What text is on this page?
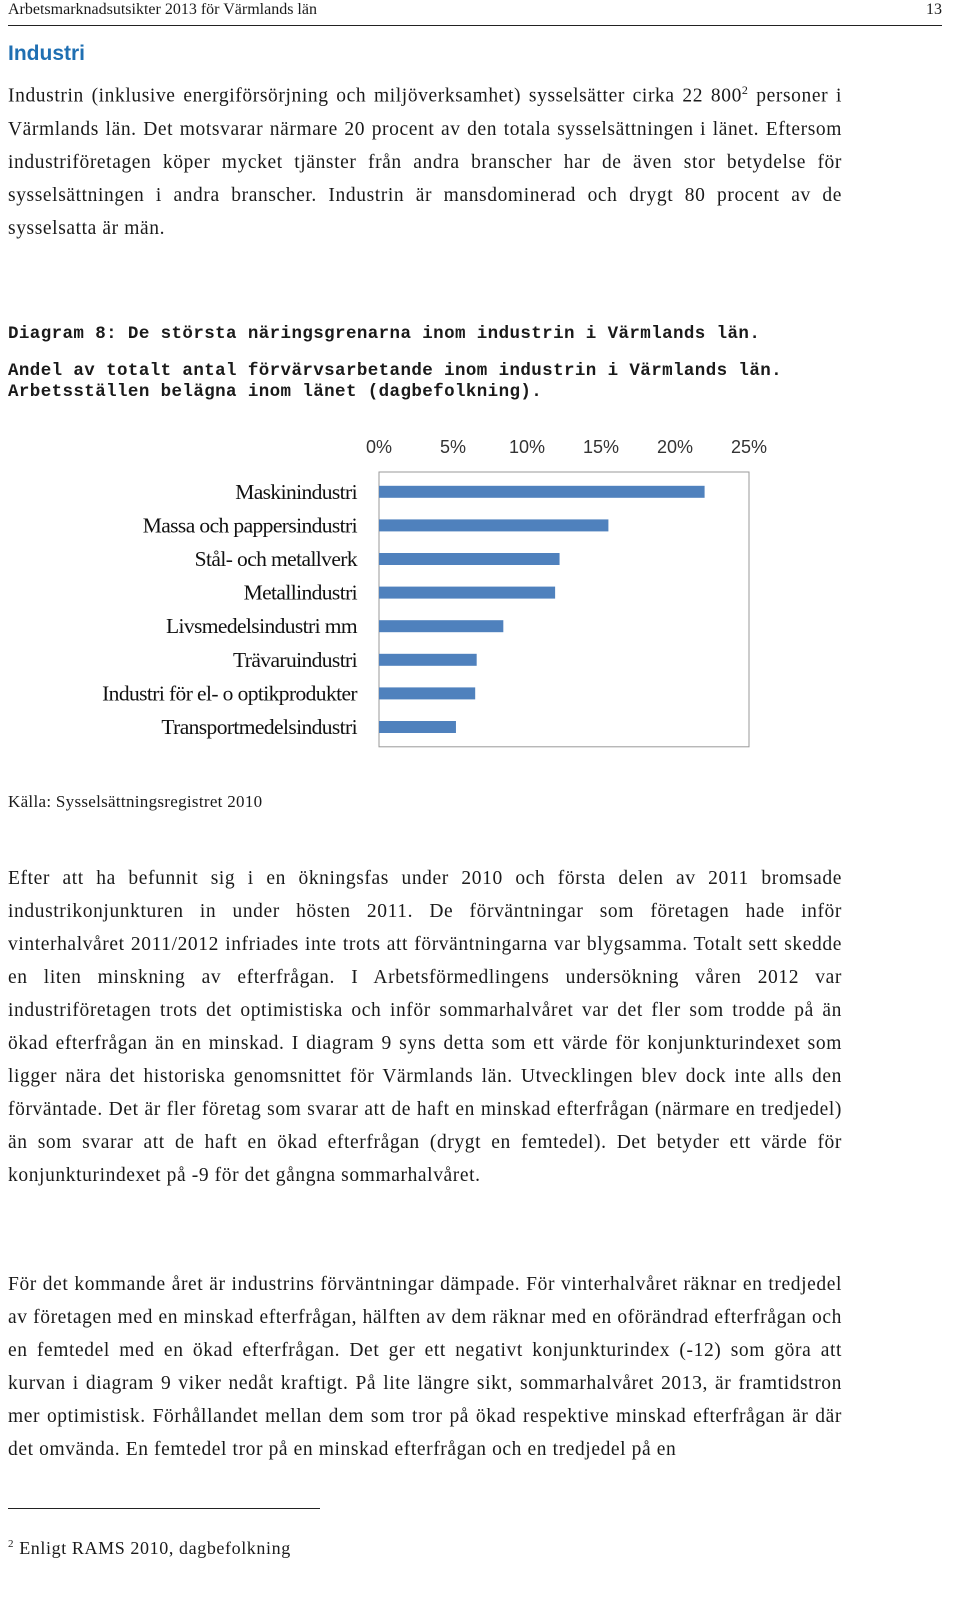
Arbetsmarknadsutsikter 2013 för Värmlands län	13
Industri

Industrin (inklusive energiförsörjning och miljöverksamhet) sysselsätter cirka 22 $800^2$ personer i Värmlands län. Det motsvarar närmare 20 procent av den totala sysselsättningen i länet. Eftersom industriföretagen köper mycket tjänster från andra branscher har de även stor betydelse för sysselsättningen i andra branscher. Industrin är mansdominerad och drygt 80 procent av de sysselsatta är män.

Diagram 8: De största näringsgrenarna inom industrin i Värmlands län.
Andel av totalt antal förvärvsarbetande inom industrin i Värmlands län.
Arbetsställen belägna inom länet (dagbefolkning).

0%	5% 10% 15% 20% 25%
Maskinindustri
Massa och pappersindustri
Stål- och metallverk
Metallindustri
Livsmedelsindustri mm
Trävaruindustri
Industri för el- o optikprodukter
Transportmedelsindustri
Källa: Sysselsättningsregistret 2010

Efter att ha befunnit sig i en ökningsfas under 2010 och första delen av 2011 bromsade industrikonjunkturen in under hösten 2011. De förväntningar som företagen hade inför vinterhalvåret 2011/2012 infriades inte trots att förväntningarna var blygsamma. Totalt sett skedde en liten minskning av efterfrågan. I Arbetsförmedlingens undersökning våren 2012 var industriföretagen trots det optimistiska och inför sommarhalvåret var det fler som trodde på än ökad efterfrågan än en minskad. I diagram 9 syns detta som ett värde för konjunkturindexet som ligger nära det historiska genomsnittet för Värmlands län. Utvecklingen blev dock inte alls den förväntade. Det är fler företag som svarar att de haft en minskad efterfrågan (närmare en tredjedel) än som svarar att de haft en ökad efterfrågan (drygt en femtedel). Det betyder ett värde för konjunkturindexet på -9 för det gångna sommarhalvåret.

För det kommande året är industrins förväntningar dämpade. För vinterhalvåret räknar en tredjedel av företagen med en minskad efterfrågan, hälften av dem räknar med en oförändrad efterfrågan och en femtedel med en ökad efterfrågan. Det ger ett negativt konjunkturindex (-12) som göra att kurvan i diagram 9 viker nedåt kraftigt. På lite längre sikt, sommarhalvåret 2013, är framtidstron mer optimistisk. Förhållandet mellan dem som tror på ökad respektive minskad efterfrågan är där det omvända. En femtedel tror på en minskad efterfrågan och en tredjedel på en

$^2$ Enligt RAMS 2010, dagbefolkning
